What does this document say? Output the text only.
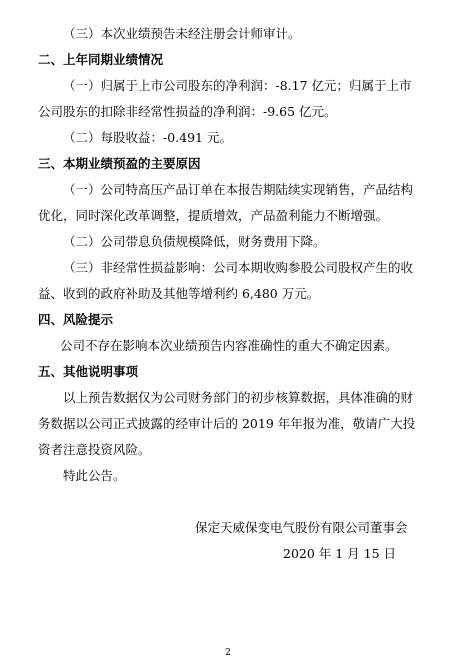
（三）本次业绩预告未经注册会计师审计。
二、上年同期业绩情况
（一）归属于上市公司股东的净利润：-8.17 亿元；归属于上市
公司股东的扣除非经常性损益的净利润：-9.65 亿元。
（二）每股收益：-0.491 元。
三、本期业绩预盈的主要原因
（一）公司特高压产品订单在本报告期陆续实现销售，产品结构
优化，同时深化改革调整，提质增效，产品盈利能力不断增强。
（二）公司带息负债规模降低，财务费用下降。
（三）非经常性损益影响：公司本期收购参股公司股权产生的收
益、收到的政府补助及其他等增利约 6,480 万元。
四、风险提示
公司不存在影响本次业绩预告内容准确性的重大不确定因素。
五、其他说明事项
以上预告数据仅为公司财务部门的初步核算数据，具体准确的财
务数据以公司正式披露的经审计后的 2019 年年报为准，敬请广大投
资者注意投资风险。
特此公告。
保定天威保变电气股份有限公司董事会
2020 年 1 月 15 日
2
